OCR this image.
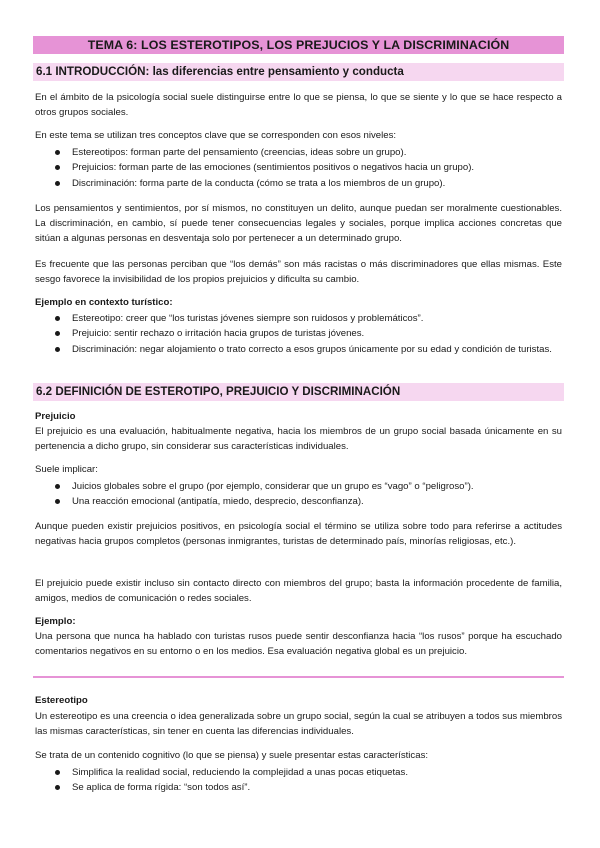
TEMA 6: LOS ESTEROTIPOS, LOS PREJUCIOS Y LA DISCRIMINACIÓN
6.1 INTRODUCCIÓN: las diferencias entre pensamiento y conducta

En el ámbito de la psicología social suele distinguirse entre lo que se piensa, lo que se siente y lo que se hace respecto a otros grupos sociales.

En este tema se utilizan tres conceptos clave que se corresponden con esos niveles:

Estereotipos: forman parte del pensamiento (creencias, ideas sobre un grupo).
Prejuicios: forman parte de las emociones (sentimientos positivos o negativos hacia un grupo).
Discriminación: forma parte de la conducta (cómo se trata a los miembros de un grupo).

Los pensamientos y sentimientos, por sí mismos, no constituyen un delito, aunque puedan ser moralmente cuestionables. La discriminación, en cambio, sí puede tener consecuencias legales y sociales, porque implica acciones concretas que sitúan a algunas personas en desventaja solo por pertenecer a un determinado grupo.

Es frecuente que las personas perciban que “los demás” son más racistas o más discriminadores que ellas mismas. Este sesgo favorece la invisibilidad de los propios prejuicios y dificulta su cambio.

Ejemplo en contexto turístico:

Estereotipo: creer que “los turistas jóvenes siempre son ruidosos y problemáticos”.
Prejuicio: sentir rechazo o irritación hacia grupos de turistas jóvenes.
Discriminación: negar alojamiento o trato correcto a esos grupos únicamente por su edad y condición de turistas.
6.2 DEFINICIÓN DE ESTEROTIPO, PREJUICIO Y DISCRIMINACIÓN

Prejuicio

El prejuicio es una evaluación, habitualmente negativa, hacia los miembros de un grupo social basada únicamente en su pertenencia a dicho grupo, sin considerar sus características individuales.

Suele implicar:

Juicios globales sobre el grupo (por ejemplo, considerar que un grupo es “vago” o “peligroso”).
Una reacción emocional (antipatía, miedo, desprecio, desconfianza).

Aunque pueden existir prejuicios positivos, en psicología social el término se utiliza sobre todo para referirse a actitudes negativas hacia grupos completos (personas inmigrantes, turistas de determinado país, minorías religiosas, etc.).

El prejuicio puede existir incluso sin contacto directo con miembros del grupo; basta la información procedente de familia, amigos, medios de comunicación o redes sociales.

Ejemplo:

Una persona que nunca ha hablado con turistas rusos puede sentir desconfianza hacia “los rusos” porque ha escuchado comentarios negativos en su entorno o en los medios. Esa evaluación negativa global es un prejuicio.

Estereotipo

Un estereotipo es una creencia o idea generalizada sobre un grupo social, según la cual se atribuyen a todos sus miembros las mismas características, sin tener en cuenta las diferencias individuales.

Se trata de un contenido cognitivo (lo que se piensa) y suele presentar estas características:

Simplifica la realidad social, reduciendo la complejidad a unas pocas etiquetas.
Se aplica de forma rígida: “son todos así”.
